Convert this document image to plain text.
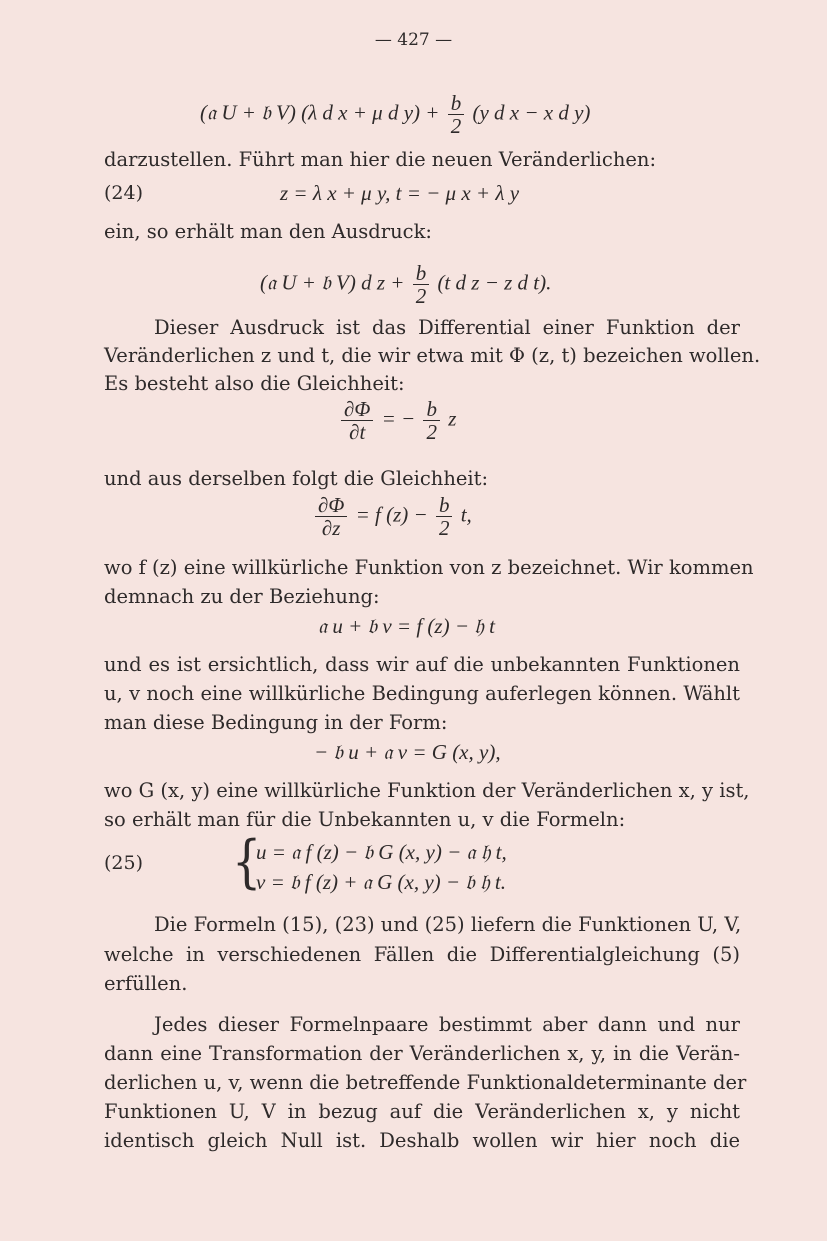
— 427 —
(𝔞 U + 𝔟 V) (λ d x + μ d $y) + \frac{b}{2} (y$ d x − x d y)
darzustellen. Führt man hier die neuen Veränderlichen:
(24)	z = λ x + μ y, t = − μ x + λ y
ein, so erhält man den Ausdruck:
(𝔞 U + 𝔟 V) d $z + \frac{b}{2} (t$ d z − z d t).
Dieser Ausdruck ist das Differential einer Funktion der
Veränderlichen z und t, die wir etwa mit Φ (z, t) bezeichen wollen.
Es besteht also die Gleichheit:
$\frac{\partial\Phi}{\partial t}$ = − $\frac{b}{2}$ z
und aus derselben folgt die Gleichheit:
$\frac{\partial\Phi}{\partial z} = f$ $(z) - \frac{b}{2} t$,
wo f (z) eine willkürliche Funktion von z bezeichnet. Wir kommen
demnach zu der Beziehung:
𝔞 u + 𝔟 v = f (z) − 𝔥 t
und es ist ersichtlich, dass wir auf die unbekannten Funktionen
u, v noch eine willkürliche Bedingung auferlegen können. Wählt
man diese Bedingung in der Form:
− 𝔟 u + 𝔞 v = G (x, y),
wo G (x, y) eine willkürliche Funktion der Veränderlichen x, y ist,
so erhält man für die Unbekannten u, v die Formeln:
(25) {
u = 𝔞 f (z) − 𝔟 G (x, y) − 𝔞 𝔥 t,
v = 𝔟 f (z) + 𝔞 G (x, y) − 𝔟 𝔥 t.
Die Formeln (15), (23) und (25) liefern die Funktionen U, V,
welche in verschiedenen Fällen die Differentialgleichung (5)
erfüllen.
Jedes dieser Formelnpaare bestimmt aber dann und nur
dann eine Transformation der Veränderlichen x, y, in die Verän-
derlichen u, v, wenn die betreffende Funktionaldeterminante der
Funktionen U, V in bezug auf die Veränderlichen x, y nicht
identisch gleich Null ist. Deshalb wollen wir hier noch die
